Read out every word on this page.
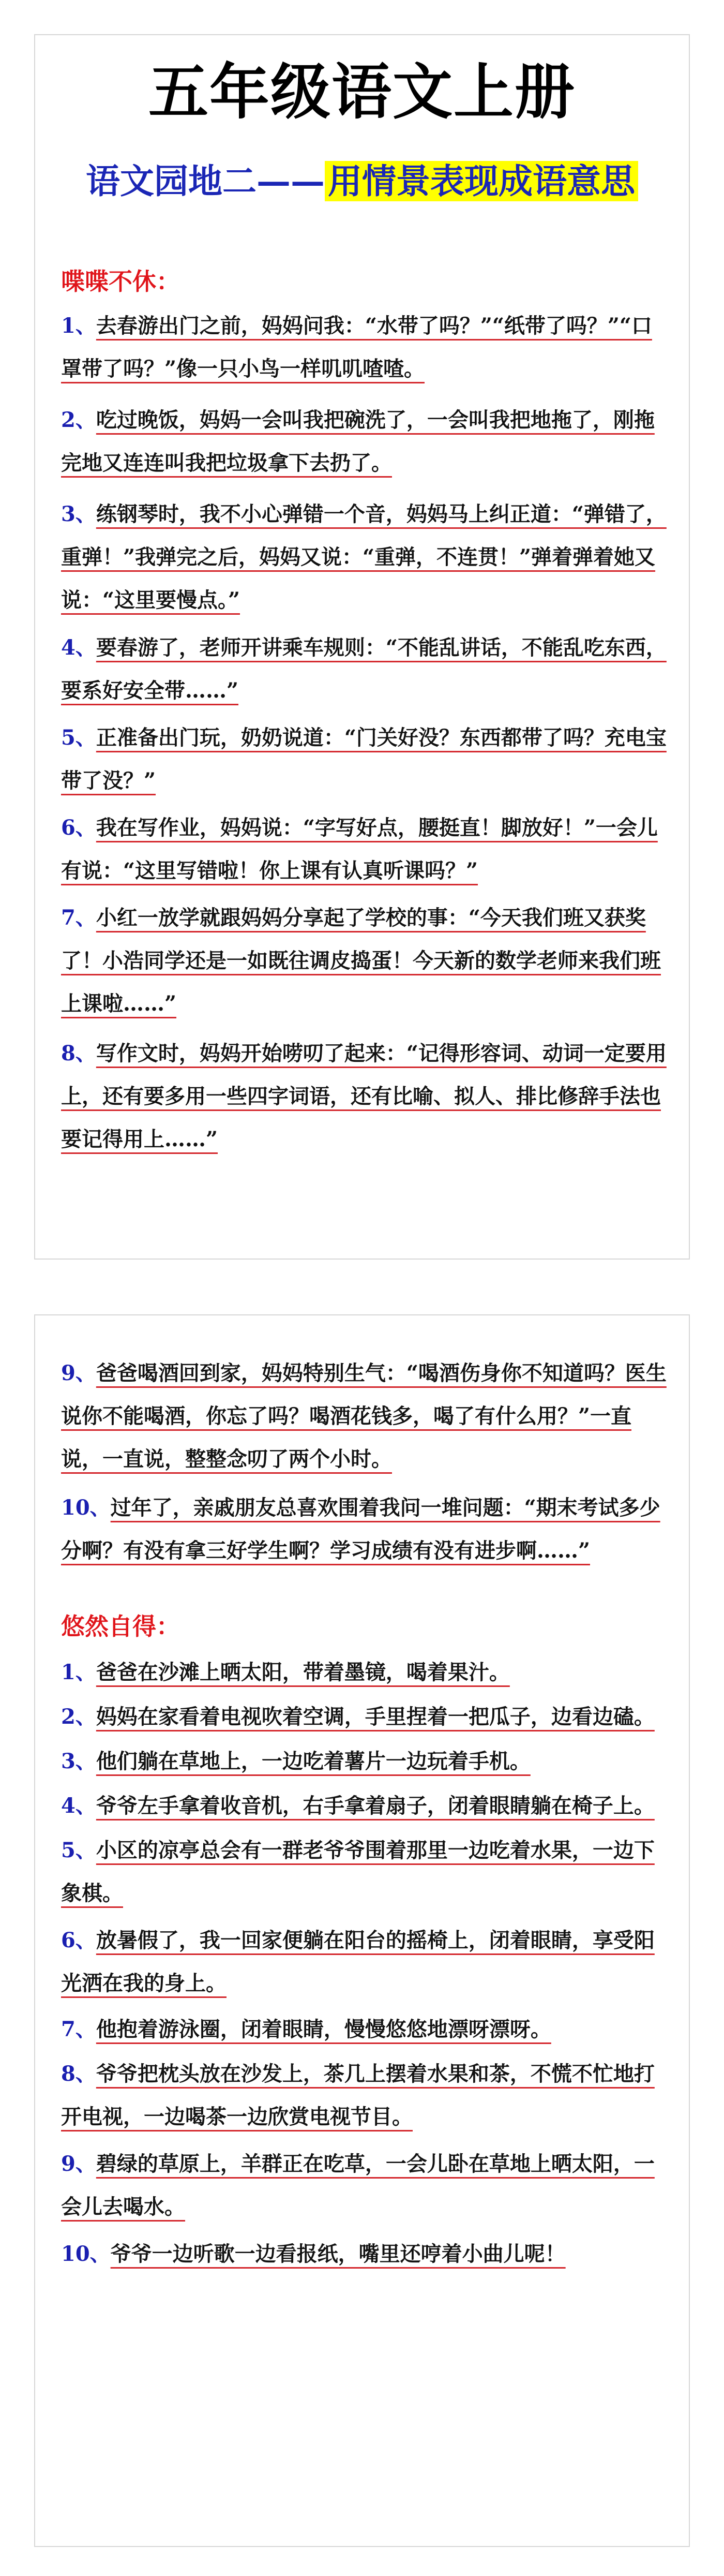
五年级语文上册
语文园地二——用情景表现成语意思
喋喋不休：
1、去春游出门之前，妈妈问我：“水带了吗？”“纸带了吗？”“口罩带了吗？”像一只小鸟一样叽叽喳喳。
2、吃过晚饭，妈妈一会叫我把碗洗了，一会叫我把地拖了，刚拖完地又连连叫我把垃圾拿下去扔了。
3、练钢琴时，我不小心弹错一个音，妈妈马上纠正道：“弹错了，重弹！”我弹完之后，妈妈又说：“重弹，不连贯！”弹着弹着她又说：“这里要慢点。”
4、要春游了，老师开讲乘车规则：“不能乱讲话，不能乱吃东西，要系好安全带……”
5、正准备出门玩，奶奶说道：“门关好没？东西都带了吗？充电宝带了没？”
6、我在写作业，妈妈说：“字写好点，腰挺直！脚放好！”一会儿有说：“这里写错啦！你上课有认真听课吗？”
7、小红一放学就跟妈妈分享起了学校的事：“今天我们班又获奖了！小浩同学还是一如既往调皮捣蛋！今天新的数学老师来我们班上课啦……”
8、写作文时，妈妈开始唠叨了起来：“记得形容词、动词一定要用上，还有要多用一些四字词语，还有比喻、拟人、排比修辞手法也要记得用上……”
9、爸爸喝酒回到家，妈妈特别生气：“喝酒伤身你不知道吗？医生说你不能喝酒，你忘了吗？喝酒花钱多，喝了有什么用？”一直说，一直说，整整念叨了两个小时。
10、过年了，亲戚朋友总喜欢围着我问一堆问题：“期末考试多少分啊？有没有拿三好学生啊？学习成绩有没有进步啊……”
悠然自得：
1、爸爸在沙滩上晒太阳，带着墨镜，喝着果汁。
2、妈妈在家看着电视吹着空调，手里捏着一把瓜子，边看边磕。
3、他们躺在草地上，一边吃着薯片一边玩着手机。
4、爷爷左手拿着收音机，右手拿着扇子，闭着眼睛躺在椅子上。
5、小区的凉亭总会有一群老爷爷围着那里一边吃着水果，一边下象棋。
6、放暑假了，我一回家便躺在阳台的摇椅上，闭着眼睛，享受阳光洒在我的身上。
7、他抱着游泳圈，闭着眼睛，慢慢悠悠地漂呀漂呀。
8、爷爷把枕头放在沙发上，茶几上摆着水果和茶，不慌不忙地打开电视，一边喝茶一边欣赏电视节目。
9、碧绿的草原上，羊群正在吃草，一会儿卧在草地上晒太阳，一会儿去喝水。
10、爷爷一边听歌一边看报纸，嘴里还哼着小曲儿呢！
